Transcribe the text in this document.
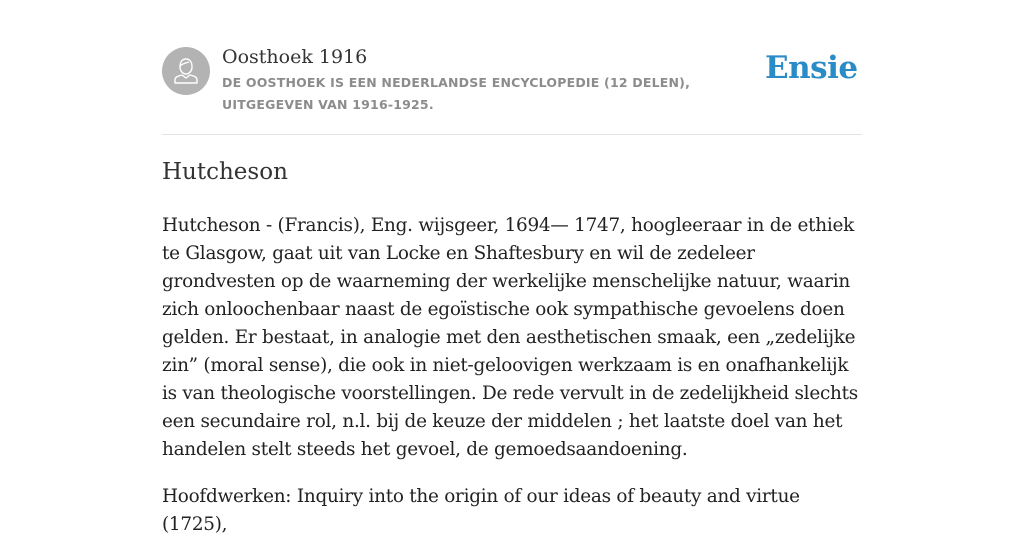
Oosthoek 1916
DE OOSTHOEK IS EEN NEDERLANDSE ENCYCLOPEDIE (12 DELEN), UITGEGEVEN VAN 1916-1925.
Ensie
Hutcheson

Hutcheson - (Francis), Eng. wijsgeer, 1694— 1747, hoogleeraar in de ethiek te Glasgow, gaat uit van Locke en Shaftesbury en wil de zedeleer grondvesten op de waarneming der werkelijke menschelijke natuur, waarin zich onloochenbaar naast de egoïstische ook sympathische gevoelens doen gelden. Er bestaat, in analogie met den aesthetischen smaak, een „zedelijke zin” (moral sense), die ook in niet-geloovigen werkzaam is en onafhankelijk is van theologische voorstellingen. De rede vervult in de zedelijkheid slechts een secundaire rol, n.l. bij de keuze der middelen ; het laatste doel van het handelen stelt steeds het gevoel, de gemoedsaandoening.

Hoofdwerken: Inquiry into the origin of our ideas of beauty and virtue (1725),
